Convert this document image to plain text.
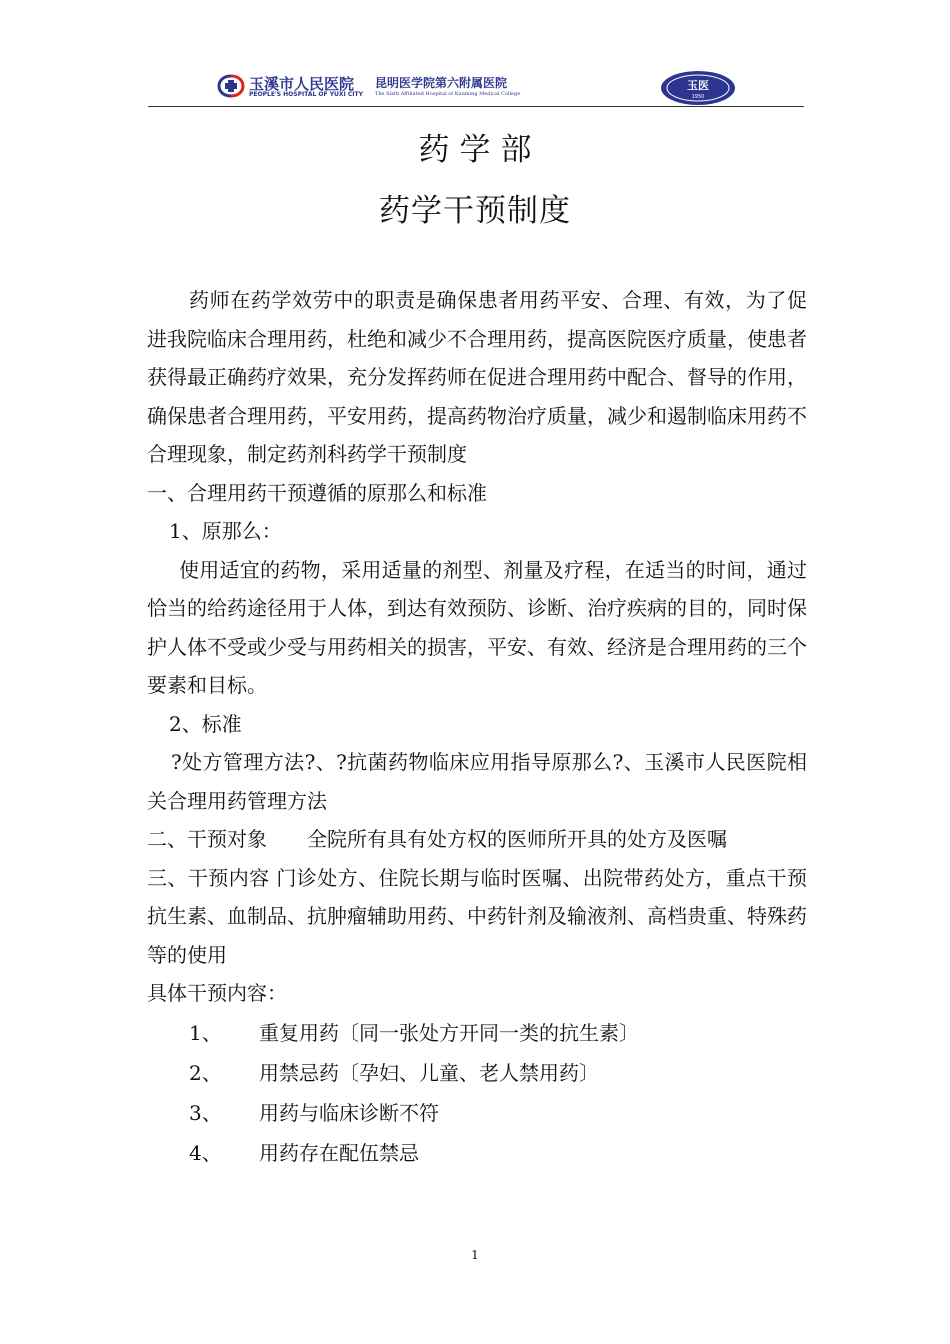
玉溪市人民医院
PEOPLE'S HOSPITAL OF YUXI CITY
昆明医学院第六附属医院
The Sixth Affiliated Hospital of Kunming Medical College
玉医
1950
药学部
药学干预制度

药师在药学效劳中的职责是确保患者用药平安、合理、有效，为了促进我院临床合理用药，杜绝和减少不合理用药，提高医院医疗质量，使患者获得最正确药疗效果，充分发挥药师在促进合理用药中配合、督导的作用，确保患者合理用药，平安用药，提高药物治疗质量，减少和遏制临床用药不合理现象，制定药剂科药学干预制度

一、合理用药干预遵循的原那么和标准

1、原那么：

使用适宜的药物，采用适量的剂型、剂量及疗程，在适当的时间，通过恰当的给药途径用于人体，到达有效预防、诊断、治疗疾病的目的，同时保护人体不受或少受与用药相关的损害，平安、有效、经济是合理用药的三个要素和目标。

2、标准

?处方管理方法?、?抗菌药物临床应用指导原那么?、玉溪市人民医院相关合理用药管理方法

二、干预对象　　全院所有具有处方权的医师所开具的处方及医嘱

三、干预内容 门诊处方、住院长期与临时医嘱、出院带药处方，重点干预抗生素、血制品、抗肿瘤辅助用药、中药针剂及输液剂、高档贵重、特殊药等的使用

具体干预内容：

1、	重复用药〔同一张处方开同一类的抗生素〕
2、	用禁忌药〔孕妇、儿童、老人禁用药〕
3、	用药与临床诊断不符
4、	用药存在配伍禁忌
1
